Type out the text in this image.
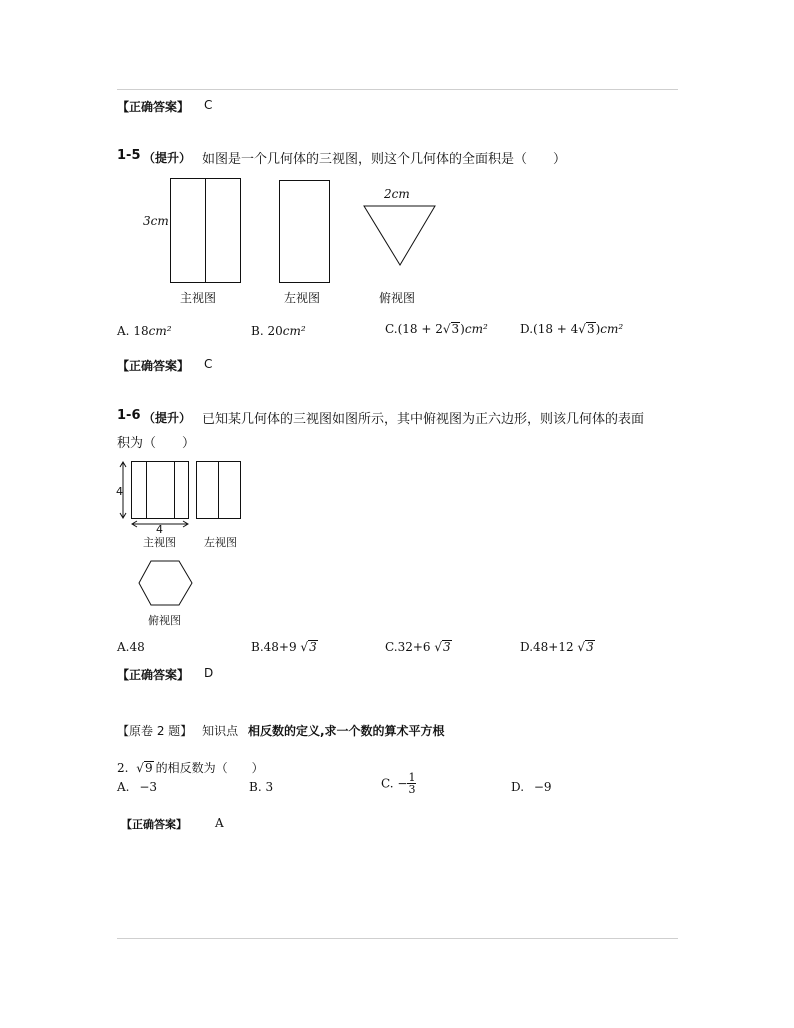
【正确答案】 C
1-5 （提升） 如图是一个几何体的三视图，则这个几何体的全面积是（　　）
3cm
2cm
主视图	左视图	俯视图
A. 18cm²	B. 20cm²	C.(18 + 2√3)cm²	D.(18 + 4√3)cm²
【正确答案】 C
1-6 （提升） 已知某几何体的三视图如图所示，其中俯视图为正六边形，则该几何体的表面
积为（　　）
4
4
主视图	左视图
俯视图
A.48	B.48+9 √3	C.32+6 √3	D.48+12 √3
【正确答案】 D
【原卷 2 题】 知识点 相反数的定义,求一个数的算术平方根
2. √9 的相反数为（　　）
A. −3	B. 3	C. − $\frac{1}{3}$	D. −9
【正确答案】 A
